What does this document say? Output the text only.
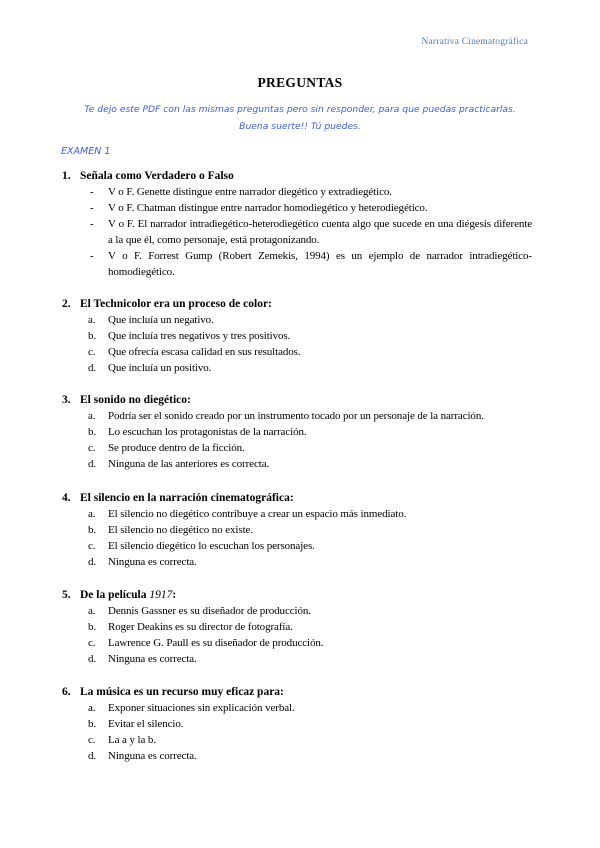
Narrativa Cinematográfica
PREGUNTAS
Te dejo este PDF con las mismas preguntas pero sin responder, para que puedas practicarlas.
Buena suerte!! Tú puedes.
EXAMEN 1
1. Señala como Verdadero o Falso
- V o F. Genette distingue entre narrador diegético y extradiegético.
- V o F. Chatman distingue entre narrador homodiegético y heterodiegético.
- V o F. El narrador intradiegético-heterodiegético cuenta algo que sucede en una diégesis diferente a la que él, como personaje, está protagonizando.
- V o F. Forrest Gump (Robert Zemekis, 1994) es un ejemplo de narrador intradiegético-homodiegético.
2. El Technicolor era un proceso de color:
a. Que incluía un negativo.
b. Que incluía tres negativos y tres positivos.
c. Que ofrecía escasa calidad en sus resultados.
d. Que incluía un positivo.
3. El sonido no diegético:
a. Podría ser el sonido creado por un instrumento tocado por un personaje de la narración.
b. Lo escuchan los protagonistas de la narración.
c. Se produce dentro de la ficción.
d. Ninguna de las anteriores es correcta.
4. El silencio en la narración cinematográfica:
a. El silencio no diegético contribuye a crear un espacio más inmediato.
b. El silencio no diegético no existe.
c. El silencio diegético lo escuchan los personajes.
d. Ninguna es correcta.
5. De la película 1917:
a. Dennis Gassner es su diseñador de producción.
b. Roger Deakins es su director de fotografía.
c. Lawrence G. Paull es su diseñador de producción.
d. Ninguna es correcta.
6. La música es un recurso muy eficaz para:
a. Exponer situaciones sin explicación verbal.
b. Evitar el silencio.
c. La a y la b.
d. Ninguna es correcta.
